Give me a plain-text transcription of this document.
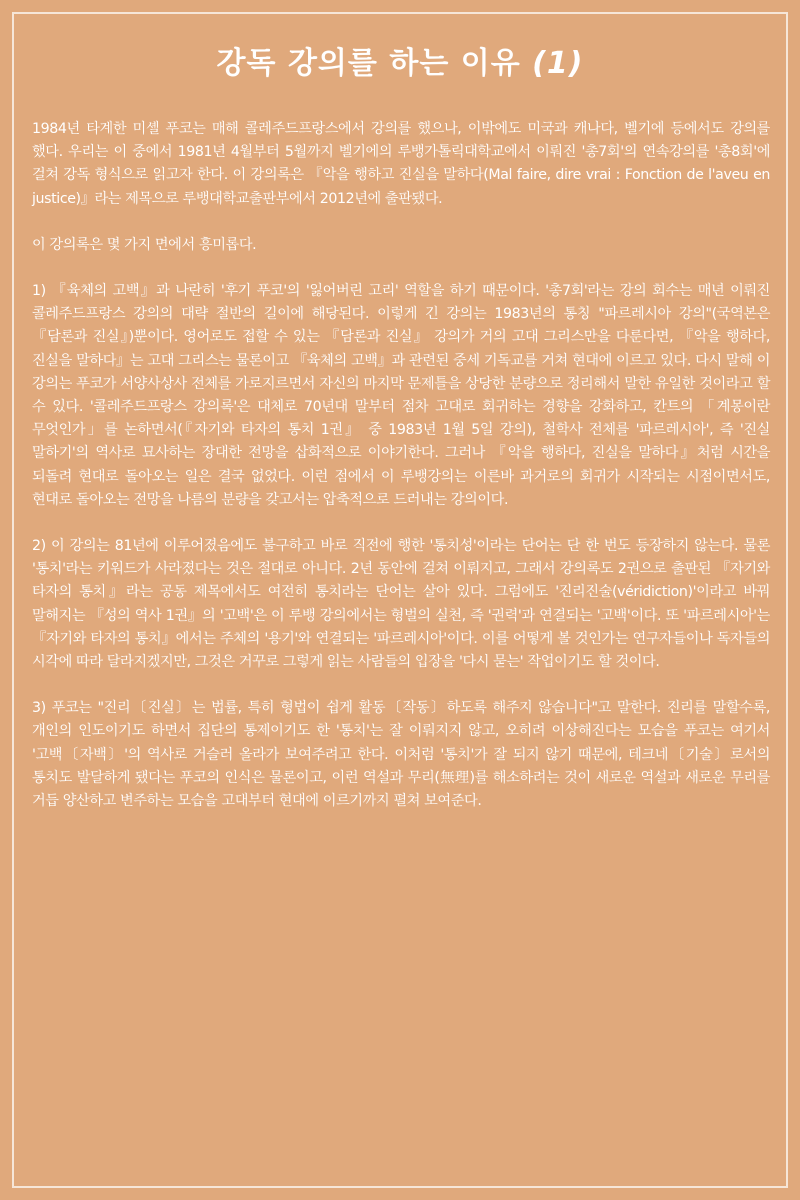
강독 강의를 하는 이유 (1)

1984년 타계한 미셸 푸코는 매해 콜레주드프랑스에서 강의를 했으나, 이밖에도 미국과 캐나다, 벨기에 등에서도 강의를 했다. 우리는 이 중에서 1981년 4월부터 5월까지 벨기에의 루뱅가톨릭대학교에서 이뤄진 '총7회'의 연속강의를 '총8회'에 걸쳐 강독 형식으로 읽고자 한다. 이 강의록은 『악을 행하고 진실을 말하다(Mal faire, dire vrai : Fonction de l'aveu en justice)』라는 제목으로 루뱅대학교출판부에서 2012년에 출판됐다.

이 강의록은 몇 가지 면에서 흥미롭다.

1) 『육체의 고백』과 나란히 '후기 푸코'의 '잃어버린 고리' 역할을 하기 때문이다. '총7회'라는 강의 회수는 매년 이뤄진 콜레주드프랑스 강의의 대략 절반의 길이에 해당된다. 이렇게 긴 강의는 1983년의 통칭 "파르레시아 강의"(국역본은 『담론과 진실』)뿐이다. 영어로도 접할 수 있는 『담론과 진실』 강의가 거의 고대 그리스만을 다룬다면, 『악을 행하다, 진실을 말하다』는 고대 그리스는 물론이고 『육체의 고백』과 관련된 중세 기독교를 거쳐 현대에 이르고 있다. 다시 말해 이 강의는 푸코가 서양사상사 전체를 가로지르면서 자신의 마지막 문제틀을 상당한 분량으로 정리해서 말한 유일한 것이라고 할 수 있다. '콜레주드프랑스 강의록'은 대체로 70년대 말부터 점차 고대로 회귀하는 경향을 강화하고, 칸트의 「계몽이란 무엇인가」를 논하면서(『자기와 타자의 통치 1권』 중 1983년 1월 5일 강의), 철학사 전체를 '파르레시아', 즉 '진실 말하기'의 역사로 묘사하는 장대한 전망을 삽화적으로 이야기한다. 그러나 『악을 행하다, 진실을 말하다』처럼 시간을 되돌려 현대로 돌아오는 일은 결국 없었다. 이런 점에서 이 루뱅강의는 이른바 과거로의 회귀가 시작되는 시점이면서도, 현대로 돌아오는 전망을 나름의 분량을 갖고서는 압축적으로 드러내는 강의이다.

2) 이 강의는 81년에 이루어졌음에도 불구하고 바로 직전에 행한 '통치성'이라는 단어는 단 한 번도 등장하지 않는다. 물론 '통치'라는 키워드가 사라졌다는 것은 절대로 아니다. 2년 동안에 걸쳐 이뤄지고, 그래서 강의록도 2권으로 출판된 『자기와 타자의 통치』라는 공동 제목에서도 여전히 통치라는 단어는 살아 있다. 그럼에도 '진리진술(véridiction)'이라고 바꿔 말해지는 『성의 역사 1권』의 '고백'은 이 루뱅 강의에서는 형벌의 실천, 즉 '권력'과 연결되는 '고백'이다. 또 '파르레시아'는 『자기와 타자의 통치』에서는 주체의 '용기'와 연결되는 '파르레시아'이다. 이를 어떻게 볼 것인가는 연구자들이나 독자들의 시각에 따라 달라지겠지만, 그것은 거꾸로 그렇게 읽는 사람들의 입장을 '다시 묻는' 작업이기도 할 것이다.

3) 푸코는 "진리〔진실〕는 법률, 특히 형법이 쉽게 활동〔작동〕하도록 해주지 않습니다"고 말한다. 진리를 말할수록, 개인의 인도이기도 하면서 집단의 통제이기도 한 '통치'는 잘 이뤄지지 않고, 오히려 이상해진다는 모습을 푸코는 여기서 '고백〔자백〕'의 역사로 거슬러 올라가 보여주려고 한다. 이처럼 '통치'가 잘 되지 않기 때문에, 테크네〔기술〕로서의 통치도 발달하게 됐다는 푸코의 인식은 물론이고, 이런 역설과 무리(無理)를 해소하려는 것이 새로운 역설과 새로운 무리를 거듭 양산하고 변주하는 모습을 고대부터 현대에 이르기까지 펼쳐 보여준다.
